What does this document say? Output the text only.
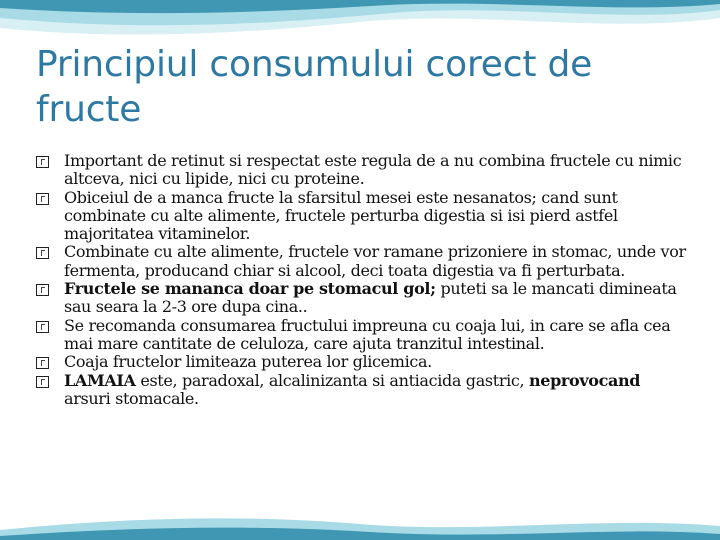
Principiul consumului corect de fructe
Important de retinut si respectat este regula de a nu combina fructele cu nimic altceva, nici cu lipide, nici cu proteine.
Obiceiul de a manca fructe la sfarsitul mesei este nesanatos; cand sunt combinate cu alte alimente, fructele perturba digestia si isi pierd astfel majoritatea vitaminelor.
Combinate cu alte alimente, fructele vor ramane prizoniere in stomac, unde vor fermenta, producand chiar si alcool, deci toata digestia va fi perturbata.
Fructele se mananca doar pe stomacul gol; puteti sa le mancati dimineata sau seara la 2-3 ore dupa cina..
Se recomanda consumarea fructului impreuna cu coaja lui, in care se afla cea mai mare cantitate de celuloza, care ajuta tranzitul intestinal.
Coaja fructelor limiteaza puterea lor glicemica.
LAMAIA este, paradoxal, alcalinizanta si antiacida gastric, neprovocand arsuri stomacale.
